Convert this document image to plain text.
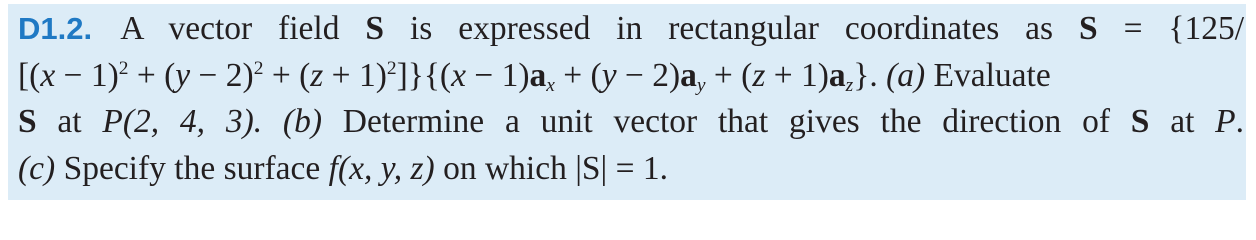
D1.2. A vector field S is expressed in rectangular coordinates as S = {125/
$[(x - 1)^2 + (y - 2)^2 + (z + 1)^2]\}\{(x - 1)a_x + (y - 2)a_y + (z + 1)a_z\}$. (a) Evaluate
S at P(2, 4, 3). (b) Determine a unit vector that gives the direction of S at P.
(c) Specify the surface f(x, y, z) on which |S| = 1.
